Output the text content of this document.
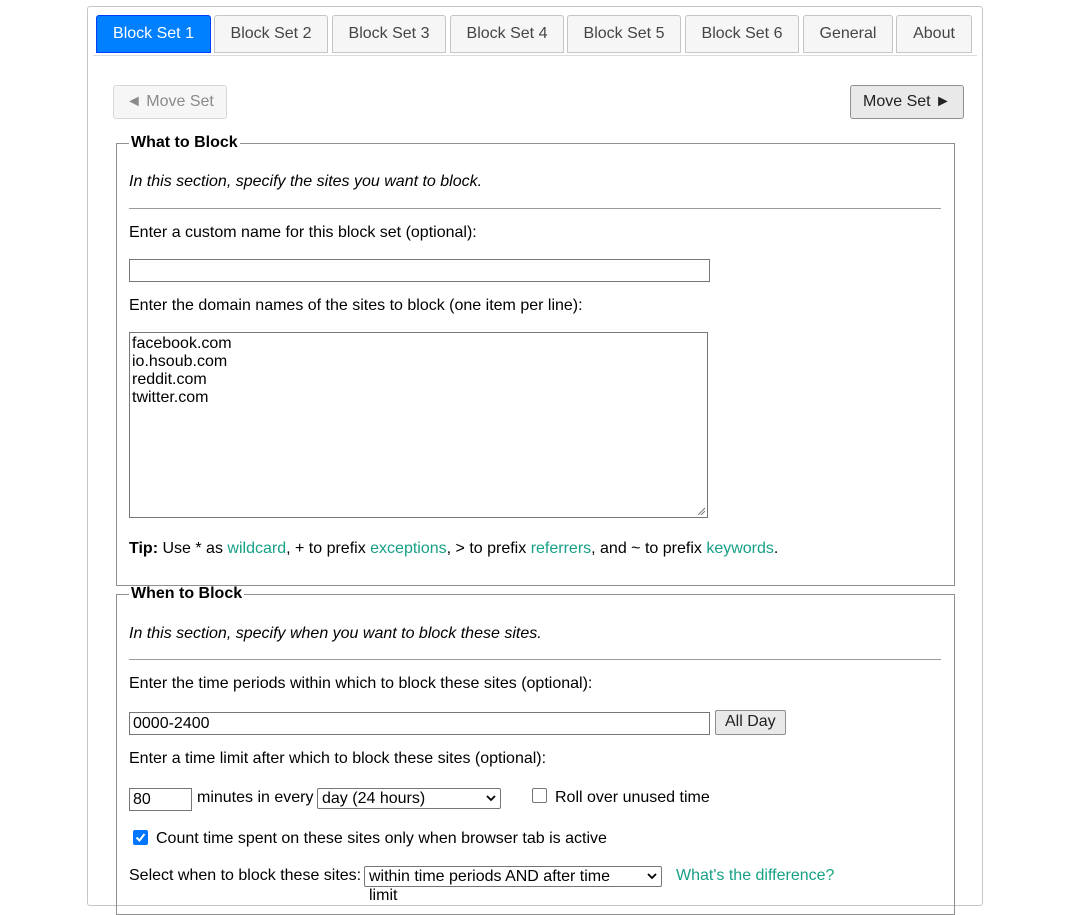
Block Set 1	Block Set 2	Block Set 3	Block Set 4	Block Set 5	Block Set 6	General	About
◄ Move Set	Move Set ►
What to Block
In this section, specify the sites you want to block.
Enter a custom name for this block set (optional):
Enter the domain names of the sites to block (one item per line):
facebook.com
io.hsoub.com
reddit.com
twitter.com
Tip: Use * as wildcard, + to prefix exceptions, > to prefix referrers, and ~ to prefix keywords.
When to Block
In this section, specify when you want to block these sites.
Enter the time periods within which to block these sites (optional):
0000-2400	All Day
Enter a time limit after which to block these sites (optional):
80	minutes in every day (24 hours)	Roll over unused time
Count time spent on these sites only when browser tab is active
Select when to block these sites: within time periods AND after time limit
What's the difference?
